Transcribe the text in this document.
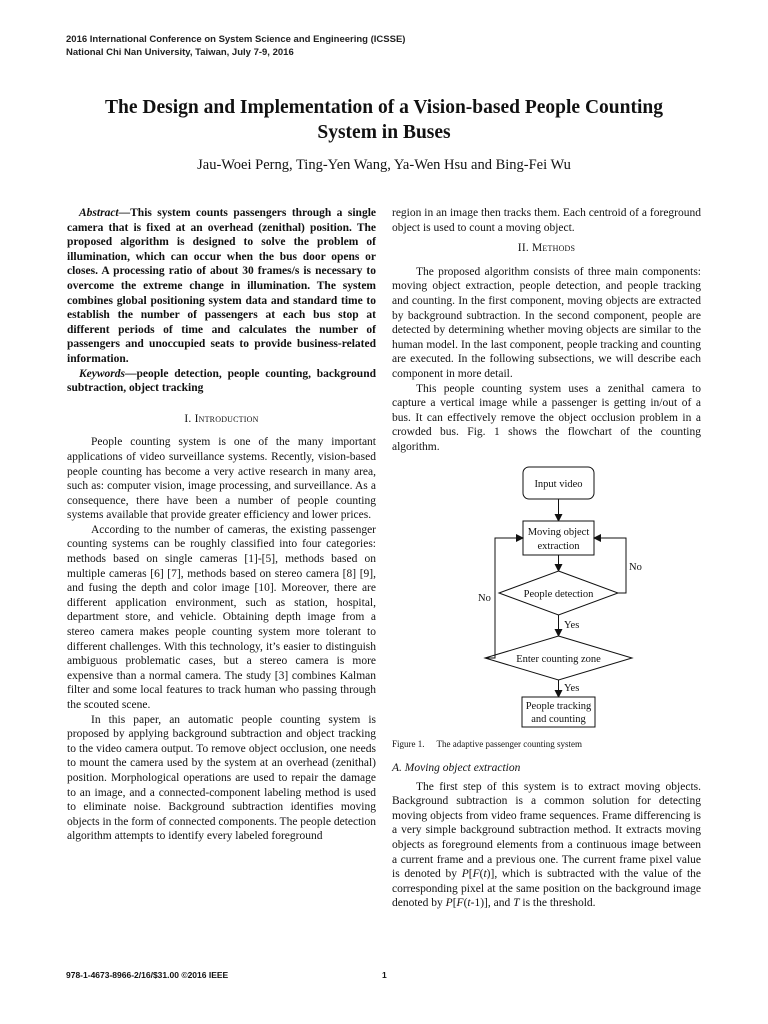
2016 International Conference on System Science and Engineering (ICSSE)
National Chi Nan University, Taiwan, July 7-9, 2016
The Design and Implementation of a Vision-based People Counting
System in Buses
Jau-Woei Perng, Ting-Yen Wang, Ya-Wen Hsu and Bing-Fei Wu

Abstract—This system counts passengers through a single camera that is fixed at an overhead (zenithal) position. The proposed algorithm is designed to solve the problem of illumination, which can occur when the bus door opens or closes. A processing ratio of about 30 frames/s is necessary to overcome the extreme change in illumination. The system combines global positioning system data and standard time to establish the number of passengers at each bus stop at different periods of time and calculates the number of passengers and unoccupied seats to provide business-related information.

Keywords—people detection, people counting, background subtraction, object tracking

I. Introduction

People counting system is one of the many important applications of video surveillance systems. Recently, vision-based people counting has become a very active research in many area, such as: computer vision, image processing, and surveillance. As a consequence, there have been a number of people counting systems available that provide greater efficiency and lower prices.

According to the number of cameras, the existing passenger counting systems can be roughly classified into four categories: methods based on single cameras [1]-[5], methods based on multiple cameras [6] [7], methods based on stereo camera [8] [9], and fusing the depth and color image [10]. Moreover, there are different application environment, such as station, hospital, department store, and vehicle. Obtaining depth image from a stereo camera makes people counting system more tolerant to different challenges. With this technology, it’s easier to distinguish ambiguous problematic cases, but a stereo camera is more expensive than a normal camera. The study [3] combines Kalman filter and some local features to track human who passing through the scouted scene.

In this paper, an automatic people counting system is proposed by applying background subtraction and object tracking to the video camera output. To remove object occlusion, one needs to mount the camera used by the system at an overhead (zenithal) position. Morphological operations are used to repair the damage to an image, and a connected-component labeling method is used to eliminate noise. Background subtraction identifies moving objects in the form of connected components. The people detection algorithm attempts to identify every labeled foreground

region in an image then tracks them. Each centroid of a foreground object is used to count a moving object.

II. Methods

The proposed algorithm consists of three main components: moving object extraction, people detection, and people tracking and counting. In the first component, moving objects are extracted by background subtraction. In the second component, people are detected by determining whether moving objects are similar to the human model. In the last component, people tracking and counting are executed. In the following subsections, we will describe each component in more detail.

This people counting system uses a zenithal camera to capture a vertical image while a passenger is getting in/out of a bus. It can effectively remove the object occlusion problem in a crowded bus. Fig. 1 shows the flowchart of the counting algorithm.

Input video
Moving object
extraction
People detection
No
Yes
Enter counting zone
No
Yes
People tracking
and counting
Figure 1. The adaptive passenger counting system
A. Moving object extraction

The first step of this system is to extract moving objects. Background subtraction is a common solution for detecting moving objects from video frame sequences. Frame differencing is a very simple background subtraction method. It extracts moving objects as foreground elements from a continuous image between a current frame and a previous one. The current frame pixel value is denoted by P[F(t)], which is subtracted with the value of the corresponding pixel at the same position on the background image denoted by P[F(t-1)], and T is the threshold.

978-1-4673-8966-2/16/$31.00 ©2016 IEEE	1
